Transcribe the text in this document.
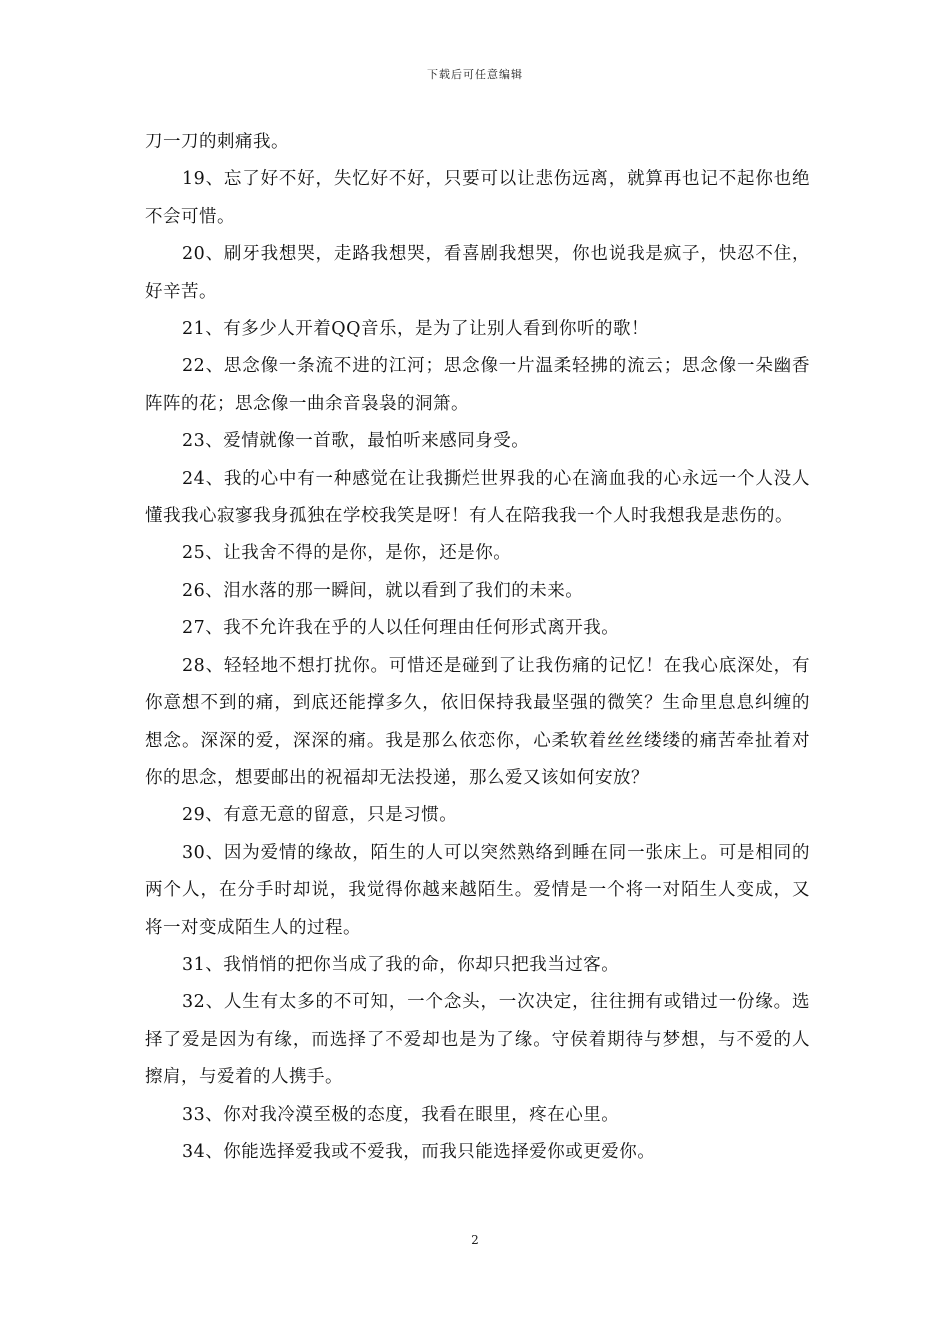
下载后可任意编辑

刀一刀的刺痛我。

19、忘了好不好，失忆好不好，只要可以让悲伤远离，就算再也记不起你也绝不会可惜。

20、刷牙我想哭，走路我想哭，看喜剧我想哭，你也说我是疯子，快忍不住，好辛苦。

21、有多少人开着QQ音乐，是为了让别人看到你听的歌！

22、思念像一条流不进的江河；思念像一片温柔轻拂的流云；思念像一朵幽香阵阵的花；思念像一曲余音袅袅的洞箫。

23、爱情就像一首歌，最怕听来感同身受。

24、我的心中有一种感觉在让我撕烂世界我的心在滴血我的心永远一个人没人懂我我心寂寥我身孤独在学校我笑是呀！有人在陪我我一个人时我想我是悲伤的。

25、让我舍不得的是你，是你，还是你。

26、泪水落的那一瞬间，就以看到了我们的未来。

27、我不允许我在乎的人以任何理由任何形式离开我。

28、轻轻地不想打扰你。可惜还是碰到了让我伤痛的记忆！在我心底深处，有你意想不到的痛，到底还能撑多久，依旧保持我最坚强的微笑？生命里息息纠缠的想念。深深的爱，深深的痛。我是那么依恋你，心柔软着丝丝缕缕的痛苦牵扯着对你的思念，想要邮出的祝福却无法投递，那么爱又该如何安放？

29、有意无意的留意，只是习惯。

30、因为爱情的缘故，陌生的人可以突然熟络到睡在同一张床上。可是相同的两个人，在分手时却说，我觉得你越来越陌生。爱情是一个将一对陌生人变成，又将一对变成陌生人的过程。

31、我悄悄的把你当成了我的命，你却只把我当过客。

32、人生有太多的不可知，一个念头，一次决定，往往拥有或错过一份缘。选择了爱是因为有缘，而选择了不爱却也是为了缘。守侯着期待与梦想，与不爱的人擦肩，与爱着的人携手。

33、你对我冷漠至极的态度，我看在眼里，疼在心里。

34、你能选择爱我或不爱我，而我只能选择爱你或更爱你。

2
